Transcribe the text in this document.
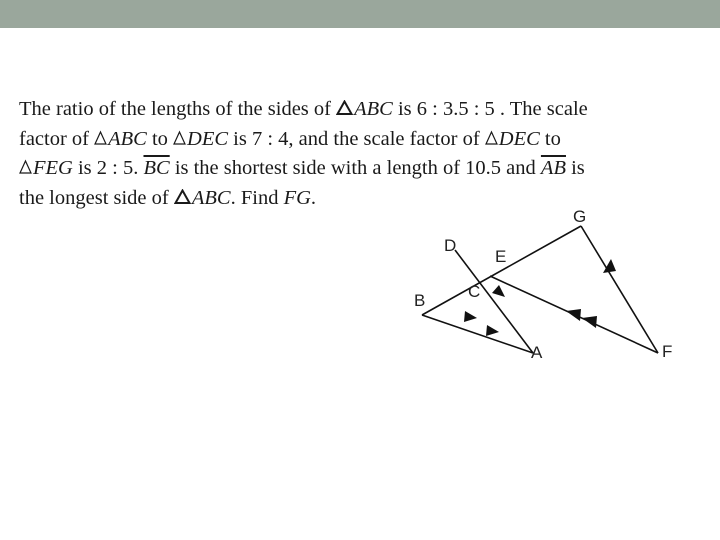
The ratio of the lengths of the sides of
ABC is 6 : 3.5 : 5 . The scale
factor of
ABC to
DEC is 7 : 4, and the scale factor of
DEC to
FEG is 2 : 5. $\overline{BC}$ is the shortest side with a length of 10.5 and $\overline{AB}$ is
the longest side of
ABC. Find FG.
D
E
G
B	C
A	F
